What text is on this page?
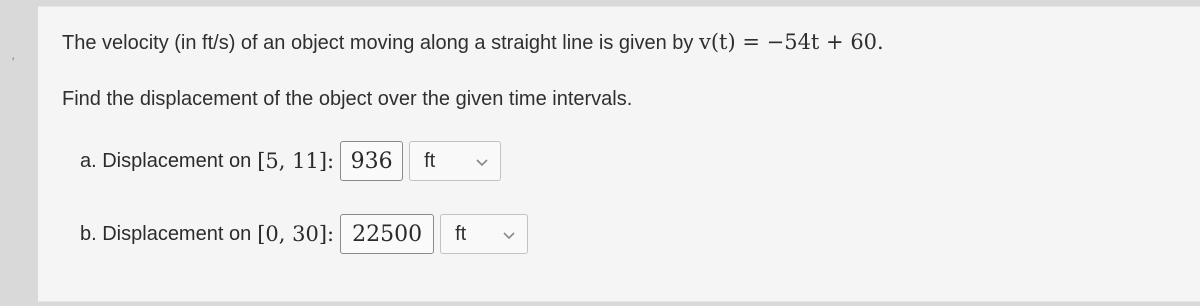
′
The velocity (in ft/s) of an object moving along a straight line is given by v(t) = −54t + 60.
Find the displacement of the object over the given time intervals.
a. Displacement on [5, 11]: 936	ft
b. Displacement on [0, 30]: 22500	ft
